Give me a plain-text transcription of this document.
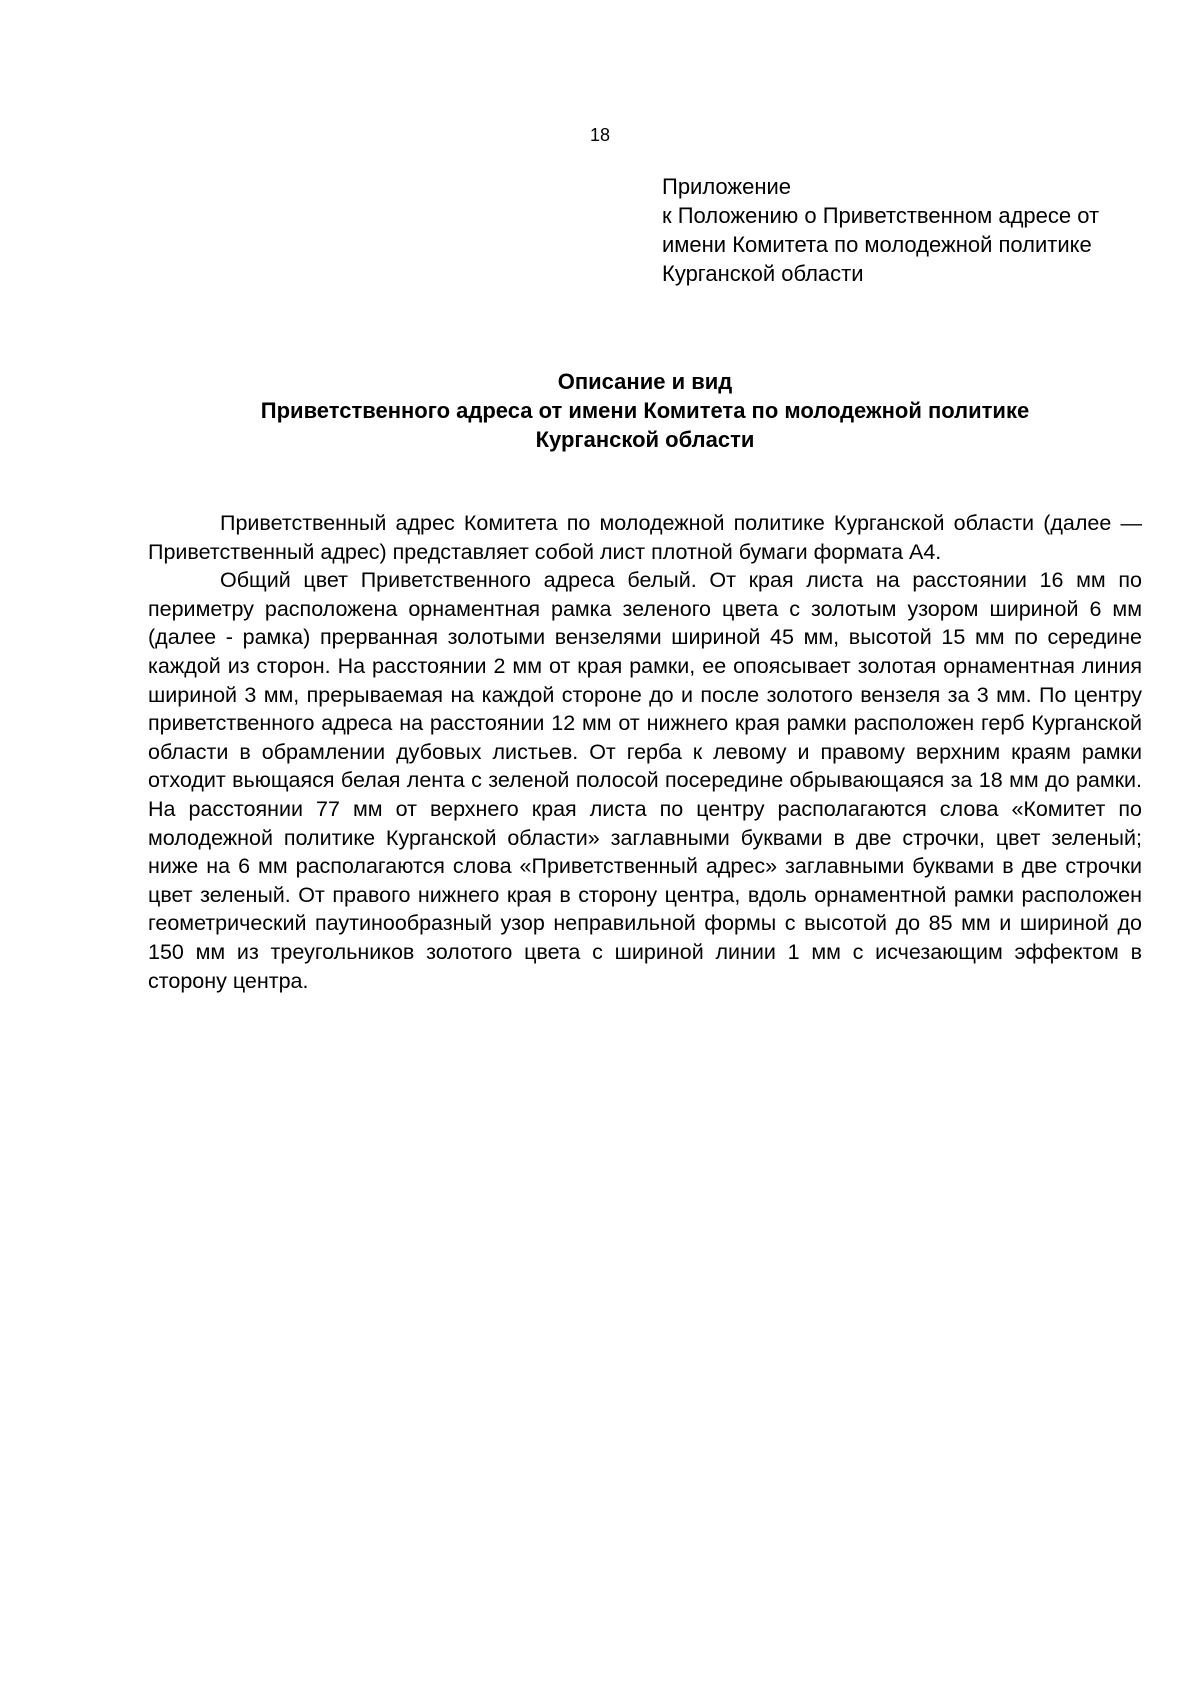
18
Приложение
к Положению о Приветственном адресе от
имени Комитета по молодежной политике
Курганской области
Описание и вид
Приветственного адреса от имени Комитета по молодежной политике
Курганской области

Приветственный адрес Комитета по молодежной политике Курганской области (далее — Приветственный адрес) представляет собой лист плотной бумаги формата А4.

Общий цвет Приветственного адреса белый. От края листа на расстоянии 16 мм по периметру расположена орнаментная рамка зеленого цвета с золотым узором шириной 6 мм (далее - рамка) прерванная золотыми вензелями шириной 45 мм, высотой 15 мм по середине каждой из сторон. На расстоянии 2 мм от края рамки, ее опоясывает золотая орнаментная линия шириной 3 мм, прерываемая на каждой стороне до и после золотого вензеля за 3 мм. По центру приветственного адреса на расстоянии 12 мм от нижнего края рамки расположен герб Курганской области в обрамлении дубовых листьев. От герба к левому и правому верхним краям рамки отходит вьющаяся белая лента с зеленой полосой посередине обрывающаяся за 18 мм до рамки. На расстоянии 77 мм от верхнего края листа по центру располагаются слова «Комитет по молодежной политике Курганской области» заглавными буквами в две строчки, цвет зеленый; ниже на 6 мм располагаются слова «Приветственный адрес» заглавными буквами в две строчки цвет зеленый. От правого нижнего края в сторону центра, вдоль орнаментной рамки расположен геометрический паутинообразный узор неправильной формы с высотой до 85 мм и шириной до 150 мм из треугольников золотого цвета с шириной линии 1 мм с исчезающим эффектом в сторону центра.
